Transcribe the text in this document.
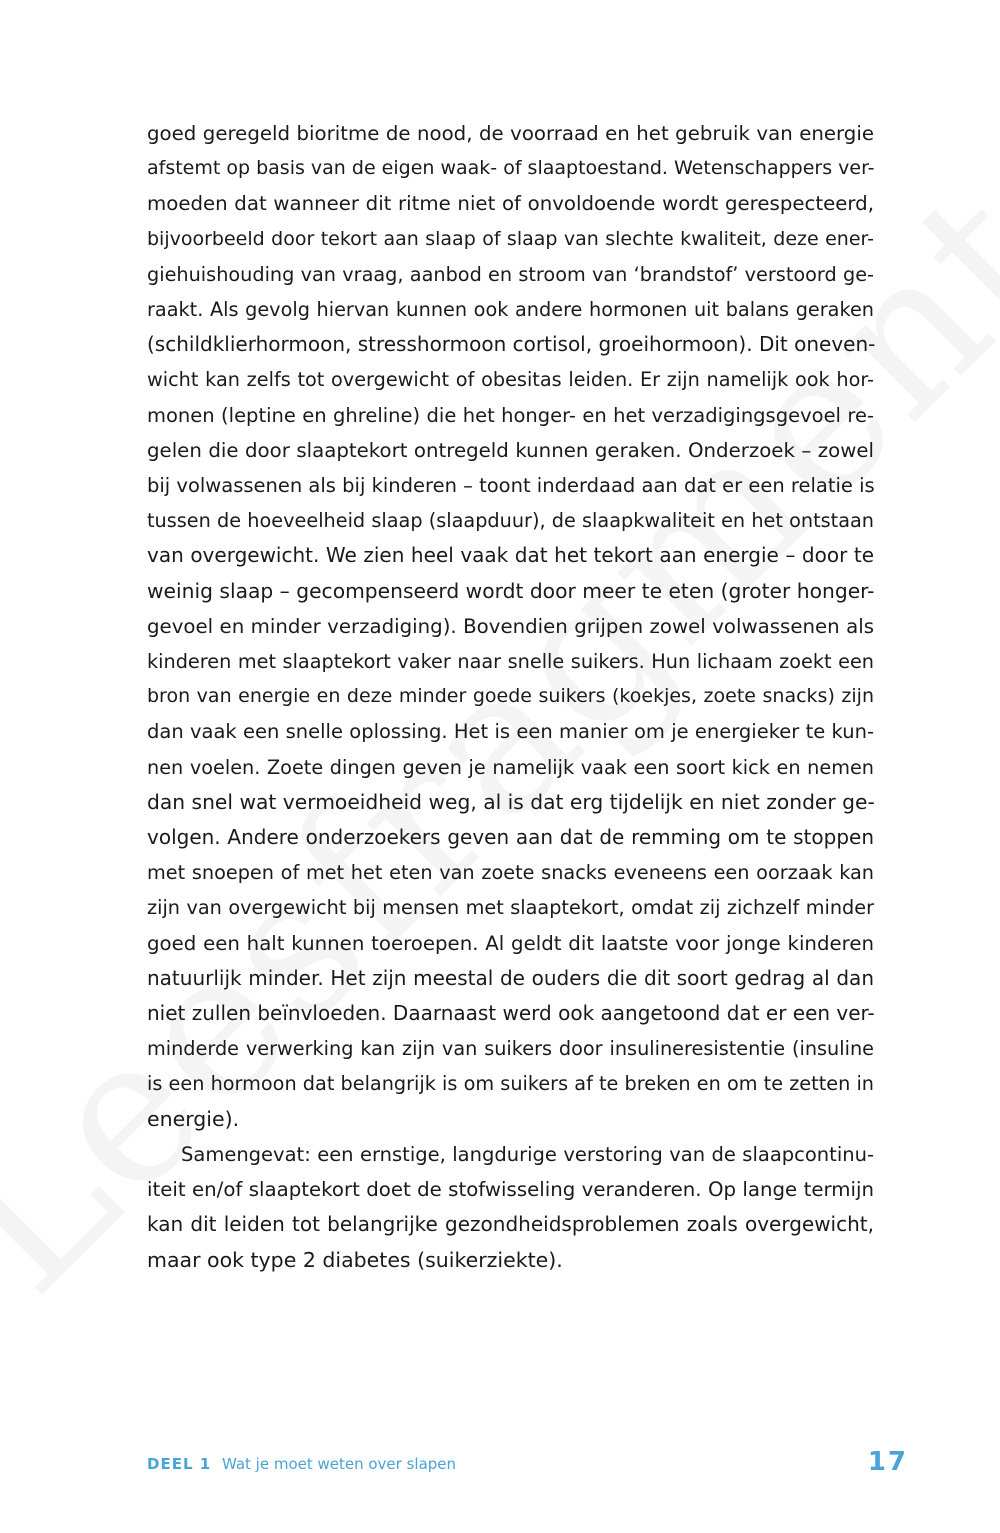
goed geregeld bioritme de nood, de voorraad en het gebruik van energie
afstemt op basis van de eigen waak- of slaaptoestand. Wetenschappers ver-
moeden dat wanneer dit ritme niet of onvoldoende wordt gerespecteerd,
bijvoorbeeld door tekort aan slaap of slaap van slechte kwaliteit, deze ener-
giehuishouding van vraag, aanbod en stroom van ‘brandstof’ verstoord ge-
raakt. Als gevolg hiervan kunnen ook andere hormonen uit balans geraken
(schildklierhormoon, stresshormoon cortisol, groeihormoon). Dit oneven-
wicht kan zelfs tot overgewicht of obesitas leiden. Er zijn namelijk ook hor-
monen (leptine en ghreline) die het honger- en het verzadigingsgevoel re-
gelen die door slaaptekort ontregeld kunnen geraken. Onderzoek – zowel
bij volwassenen als bij kinderen – toont inderdaad aan dat er een relatie is
tussen de hoeveelheid slaap (slaapduur), de slaapkwaliteit en het ontstaan
van overgewicht. We zien heel vaak dat het tekort aan energie – door te
weinig slaap – gecompenseerd wordt door meer te eten (groter honger-
gevoel en minder verzadiging). Bovendien grijpen zowel volwassenen als
kinderen met slaaptekort vaker naar snelle suikers. Hun lichaam zoekt een
bron van energie en deze minder goede suikers (koekjes, zoete snacks) zijn
dan vaak een snelle oplossing. Het is een manier om je energieker te kun-
nen voelen. Zoete dingen geven je namelijk vaak een soort kick en nemen
dan snel wat vermoeidheid weg, al is dat erg tijdelijk en niet zonder ge-
volgen. Andere onderzoekers geven aan dat de remming om te stoppen
met snoepen of met het eten van zoete snacks eveneens een oorzaak kan
zijn van overgewicht bij mensen met slaaptekort, omdat zij zichzelf minder
goed een halt kunnen toeroepen. Al geldt dit laatste voor jonge kinderen
natuurlijk minder. Het zijn meestal de ouders die dit soort gedrag al dan
niet zullen beïnvloeden. Daarnaast werd ook aangetoond dat er een ver-
minderde verwerking kan zijn van suikers door insulineresistentie (insuline
is een hormoon dat belangrijk is om suikers af te breken en om te zetten in
energie).

Samengevat: een ernstige, langdurige verstoring van de slaapcontinu-
iteit en/of slaaptekort doet de stofwisseling veranderen. Op lange termijn
kan dit leiden tot belangrijke gezondheidsproblemen zoals overgewicht,
maar ook type 2 diabetes (suikerziekte).

DEEL 1 Wat je moet weten over slapen	17
